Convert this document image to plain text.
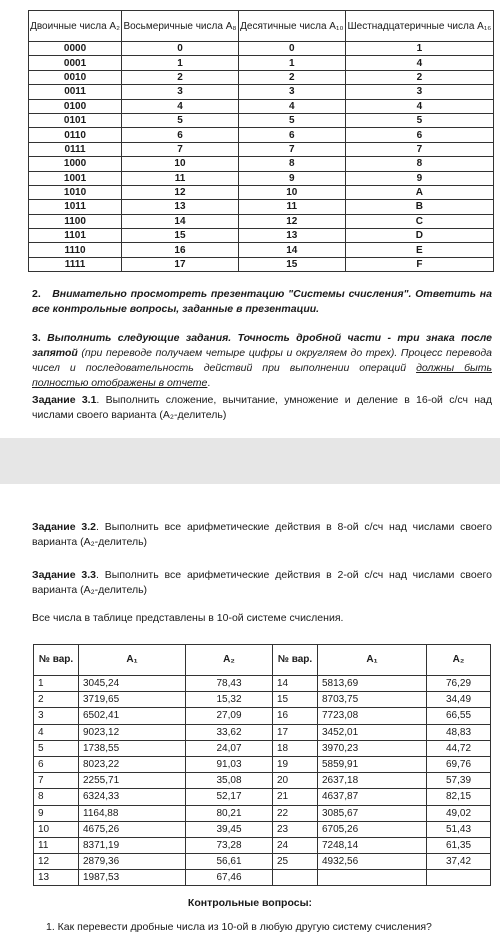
Двоичные числа A₂	Восьмеричные числа A₈	Десятичные числа A₁₀	Шестнадцатеричные числа A₁₆
0000	0	0	1
0001	1	1	4
0010	2	2	2
0011	3	3	3
0100	4	4	4
0101	5	5	5
0110	6	6	6
0111	7	7	7
1000	10	8	8
1001	11	9	9
1010	12	10	A
1011	13	11	B
1100	14	12	C
1101	15	13	D
1110	16	14	E
1111	17	15	F
2. Внимательно просмотреть презентацию "Системы счисления". Ответить на все контрольные вопросы, заданные в презентации.
3. Выполнить следующие задания. Точность дробной части - три знака после запятой (при переводе получаем четыре цифры и округляем до трех). Процесс перевода чисел и последовательность действий при выполнении операций должны быть полностью отображены в отчете.
Задание 3.1. Выполнить сложение, вычитание, умножение и деление в 16-ой с/сч над числами своего варианта (A₂-делитель)
Задание 3.2. Выполнить все арифметические действия в 8-ой с/сч над числами своего варианта (A₂-делитель)
Задание 3.3. Выполнить все арифметические действия в 2-ой с/сч над числами своего варианта (A₂-делитель)
Все числа в таблице представлены в 10-ой системе счисления.
№ вар.	A₁	A₂	№ вар.	A₁	A₂
1	3045,24	78,43	14	5813,69	76,29
2	3719,65	15,32	15	8703,75	34,49
3	6502,41	27,09	16	7723,08	66,55
4	9023,12	33,62	17	3452,01	48,83
5	1738,55	24,07	18	3970,23	44,72
6	8023,22	91,03	19	5859,91	69,76
7	2255,71	35,08	20	2637,18	57,39
8	6324,33	52,17	21	4637,87	82,15
9	1164,88	80,21	22	3085,67	49,02
10	4675,26	39,45	23	6705,26	51,43
11	8371,19	73,28	24	7248,14	61,35
12	2879,36	56,61	25	4932,56	37,42
13	1987,53	67,46			
Контрольные вопросы:
1. Как перевести дробные числа из 10-ой в любую другую систему счисления?
